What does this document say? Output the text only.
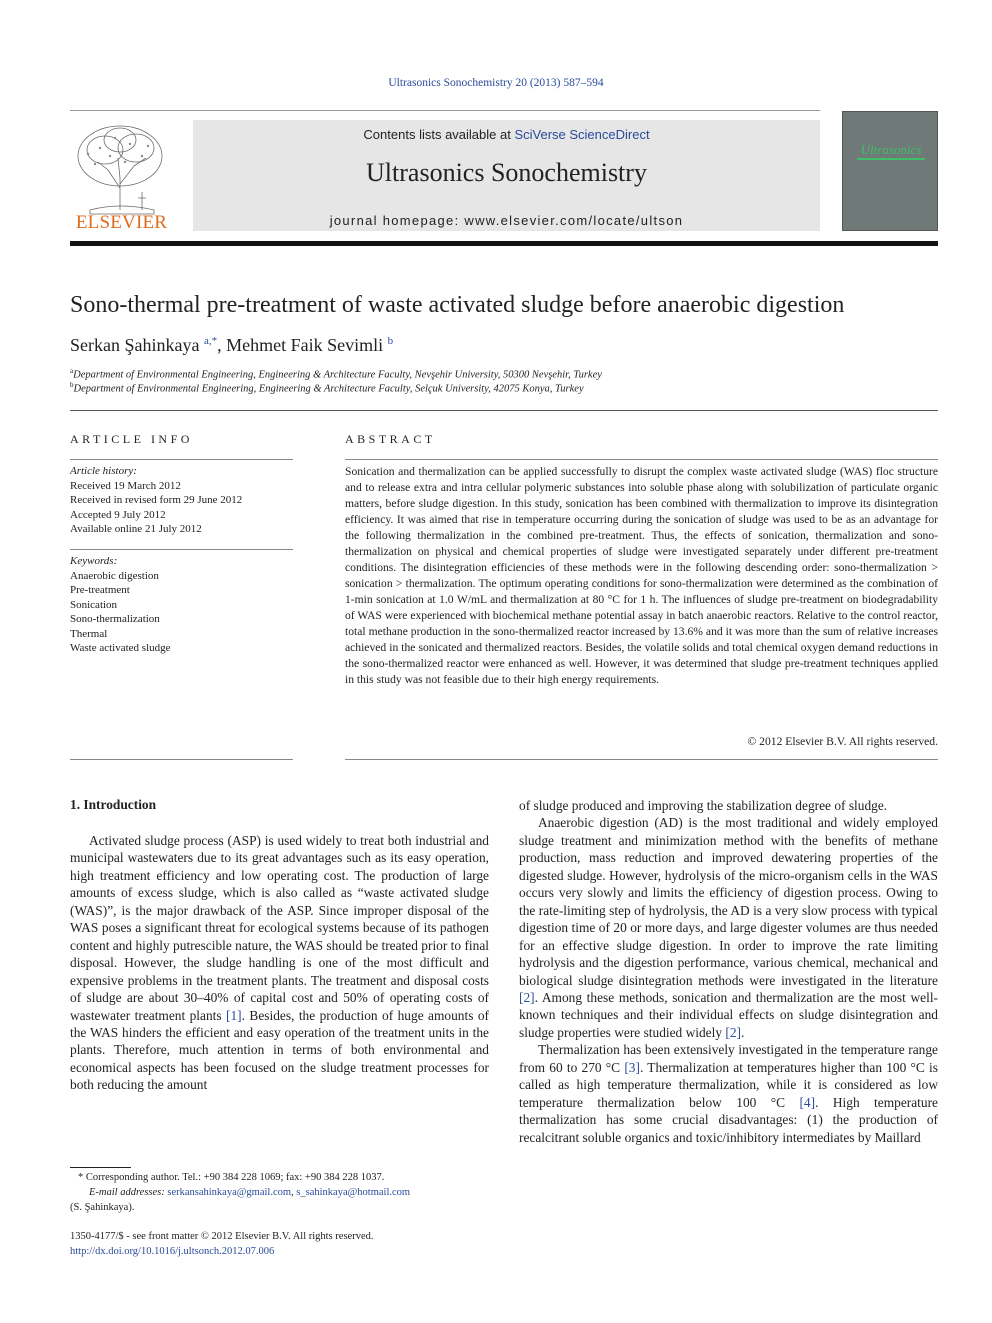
Ultrasonics Sonochemistry 20 (2013) 587–594
ELSEVIER
Contents lists available at SciVerse ScienceDirect
Ultrasonics Sonochemistry
journal homepage: www.elsevier.com/locate/ultson
Ultrasonics
Sono-thermal pre-treatment of waste activated sludge before anaerobic digestion
Serkan Şahinkaya $^{a,*}$, Mehmet Faik Sevimli $^b$
$^a$Department of Environmental Engineering, Engineering & Architecture Faculty, Nevşehir University, 50300 Nevşehir, Turkey
$^b$Department of Environmental Engineering, Engineering & Architecture Faculty, Selçuk University, 42075 Konya, Turkey
ARTICLE INFO	ABSTRACT
Article history:
Received 19 March 2012
Received in revised form 29 June 2012
Accepted 9 July 2012
Available online 21 July 2012
Keywords:
Anaerobic digestion
Pre-treatment
Sonication
Sono-thermalization
Thermal
Waste activated sludge
Sonication and thermalization can be applied successfully to disrupt the complex waste activated sludge (WAS) floc structure and to release extra and intra cellular polymeric substances into soluble phase along with solubilization of particulate organic matters, before sludge digestion. In this study, sonication has been combined with thermalization to improve its disintegration efficiency. It was aimed that rise in temperature occurring during the sonication of sludge was used to be as an advantage for the following thermalization in the combined pre-treatment. Thus, the effects of sonication, thermalization and sono-thermalization on physical and chemical properties of sludge were investigated separately under different pre-treatment conditions. The disintegration efficiencies of these methods were in the following descending order: sono-thermalization > sonication > thermalization. The optimum operating conditions for sono-thermalization were determined as the combination of 1-min sonication at 1.0 W/mL and thermalization at 80 °C for 1 h. The influences of sludge pre-treatment on biodegradability of WAS were experienced with biochemical methane potential assay in batch anaerobic reactors. Relative to the control reactor, total methane production in the sono-thermalized reactor increased by 13.6% and it was more than the sum of relative increases achieved in the sonicated and thermalized reactors. Besides, the volatile solids and total chemical oxygen demand reductions in the sono-thermalized reactor were enhanced as well. However, it was determined that sludge pre-treatment techniques applied in this study was not feasible due to their high energy requirements.
© 2012 Elsevier B.V. All rights reserved.
1. Introduction

Activated sludge process (ASP) is used widely to treat both industrial and municipal wastewaters due to its great advantages such as its easy operation, high treatment efficiency and low operating cost. The production of large amounts of excess sludge, which is also called as “waste activated sludge (WAS)”, is the major drawback of the ASP. Since improper disposal of the WAS poses a significant threat for ecological systems because of its pathogen content and highly putrescible nature, the WAS should be treated prior to final disposal. However, the sludge handling is one of the most difficult and expensive problems in the treatment plants. The treatment and disposal costs of sludge are about 30–40% of capital cost and 50% of operating costs of wastewater treatment plants [1]. Besides, the production of huge amounts of the WAS hinders the efficient and easy operation of the treatment units in the plants. Therefore, much attention in terms of both environmental and economical aspects has been focused on the sludge treatment processes for both reducing the amount

of sludge produced and improving the stabilization degree of sludge.

Anaerobic digestion (AD) is the most traditional and widely employed sludge treatment and minimization method with the benefits of methane production, mass reduction and improved dewatering properties of the digested sludge. However, hydrolysis of the micro-organism cells in the WAS occurs very slowly and limits the efficiency of digestion process. Owing to the rate-limiting step of hydrolysis, the AD is a very slow process with typical digestion time of 20 or more days, and large digester volumes are thus needed for an effective sludge digestion. In order to improve the rate limiting hydrolysis and the digestion performance, various chemical, mechanical and biological sludge disintegration methods were investigated in the literature [2]. Among these methods, sonication and thermalization are the most well-known techniques and their individual effects on sludge disintegration and sludge properties were studied widely [2].

Thermalization has been extensively investigated in the temperature range from 60 to 270 °C [3]. Thermalization at temperatures higher than 100 °C is called as high temperature thermalization, while it is considered as low temperature thermalization below 100 °C [4]. High temperature thermalization has some crucial disadvantages: (1) the production of recalcitrant soluble organics and toxic/inhibitory intermediates by Maillard

* Corresponding author. Tel.: +90 384 228 1069; fax: +90 384 228 1037.
E-mail addresses: serkansahinkaya@gmail.com, s_sahinkaya@hotmail.com
(S. Şahinkaya).
1350-4177/$ - see front matter © 2012 Elsevier B.V. All rights reserved.
http://dx.doi.org/10.1016/j.ultsonch.2012.07.006
